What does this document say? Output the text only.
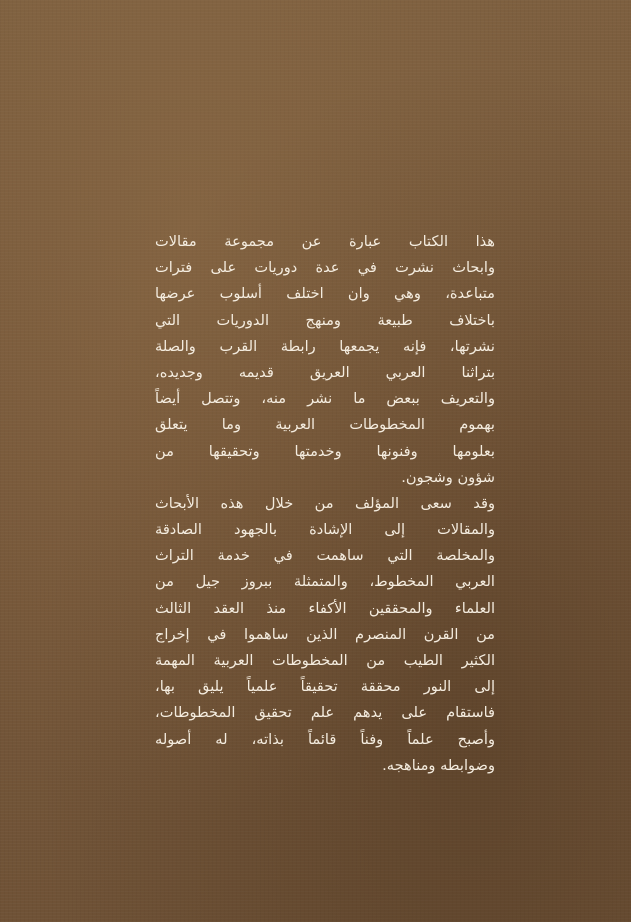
هذا الكتاب عبارة عن مجموعة مقالات
وابحاث نشرت في عدة دوريات على فترات
متباعدة، وهي وان اختلف أسلوب عرضها
باختلاف طبيعة ومنهج الدوريات التي
نشرتها، فإنه يجمعها رابطة القرب والصلة
بتراثنا العربي العريق قديمه وجديده،
والتعريف ببعض ما نشر منه، وتتصل أيضاً
بهموم المخطوطات العربية وما يتعلق
بعلومها وفنونها وخدمتها وتحقيقها من
شؤون وشجون.

وقد سعى المؤلف من خلال هذه الأبحاث
والمقالات إلى الإشادة بالجهود الصادقة
والمخلصة التي ساهمت في خدمة التراث
العربي المخطوط، والمتمثلة ببروز جيل من
العلماء والمحققين الأكفاء منذ العقد الثالث
من القرن المنصرم الذين ساهموا في إخراج
الكثير الطيب من المخطوطات العربية المهمة
إلى النور محققة تحقيقاً علمياً يليق بها،
فاستقام على يدهم علم تحقيق المخطوطات،
وأصبح علماً وفناً قائماً بذاته، له أصوله
وضوابطه ومناهجه.
